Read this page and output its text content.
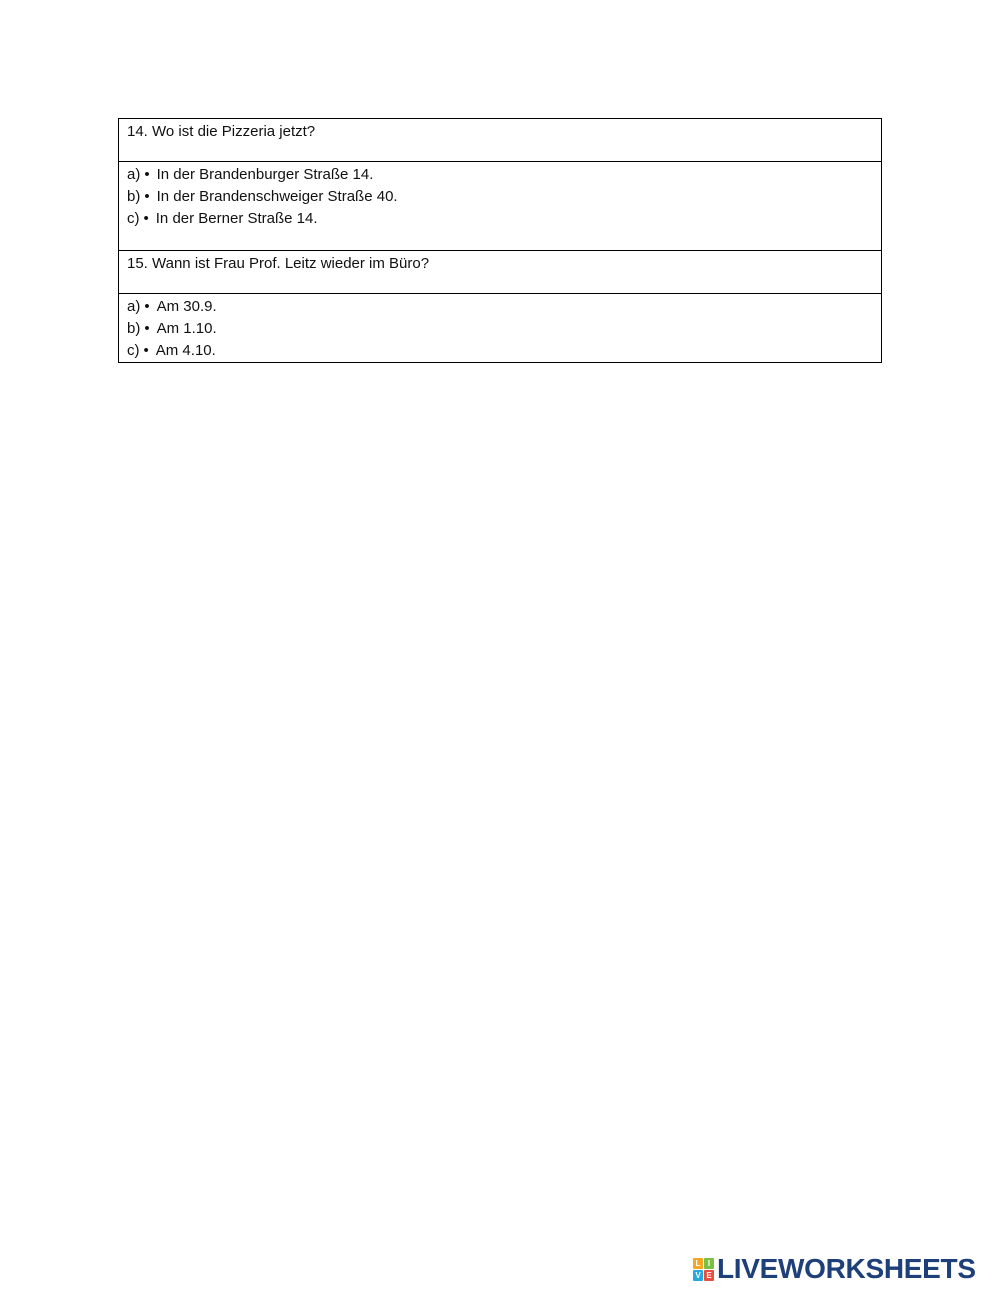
14. Wo ist die Pizzeria jetzt?

a) • In der Brandenburger Straße 14.
b) • In der Brandenschweiger Straße 40.
c) • In der Berner Straße 14.

15. Wann ist Frau Prof. Leitz wieder im Büro?

a) • Am 30.9.
b) • Am 1.10.
c) • Am 4.10.
L I
V E LIVEWORKSHEETS
